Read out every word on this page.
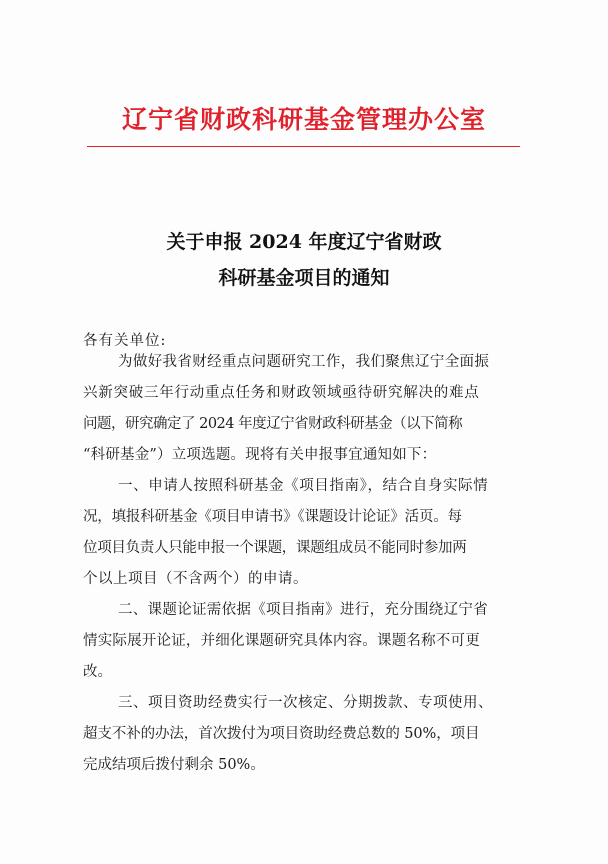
辽宁省财政科研基金管理办公室
关于申报 2024 年度辽宁省财政
科研基金项目的通知
各有关单位:
为做好我省财经重点问题研究工作，我们聚焦辽宁全面振
兴新突破三年行动重点任务和财政领域亟待研究解决的难点
问题，研究确定了 2024 年度辽宁省财政科研基金（以下简称
“科研基金”）立项选题。现将有关申报事宜通知如下：
一、申请人按照科研基金《项目指南》，结合自身实际情
况，填报科研基金《项目申请书》《课题设计论证》活页。每
位项目负责人只能申报一个课题，课题组成员不能同时参加两
个以上项目（不含两个）的申请。
二、课题论证需依据《项目指南》进行，充分围绕辽宁省
情实际展开论证，并细化课题研究具体内容。课题名称不可更
改。
三、项目资助经费实行一次核定、分期拨款、专项使用、
超支不补的办法，首次拨付为项目资助经费总数的 50%，项目
完成结项后拨付剩余 50%。
